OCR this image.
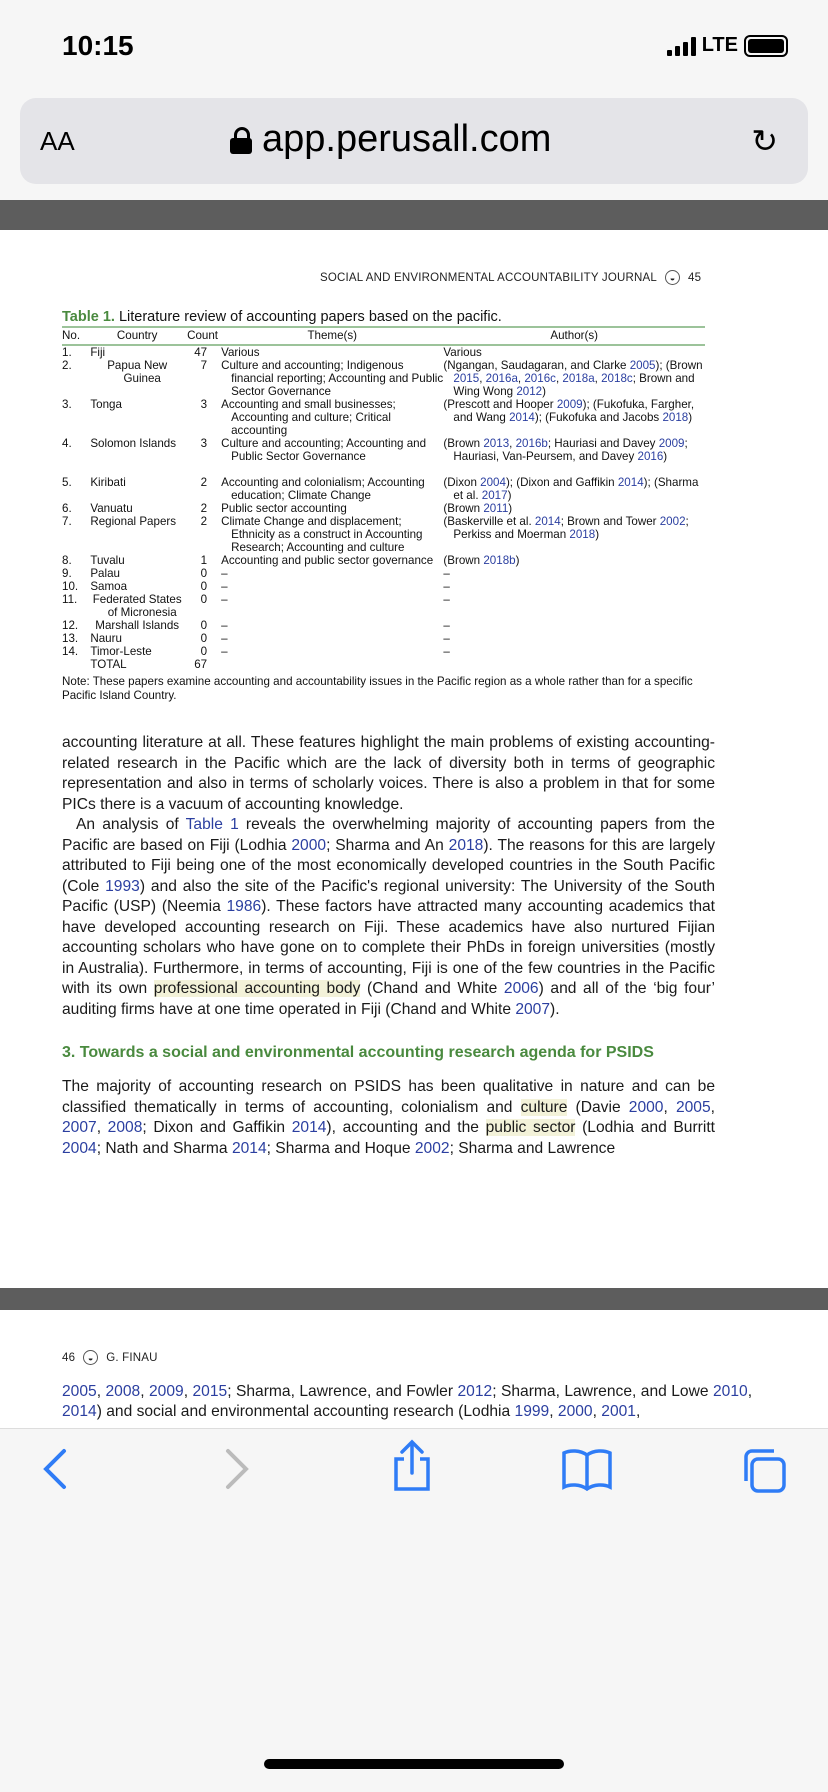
10:15	LTE
AA	app.perusall.com	↻
SOCIAL AND ENVIRONMENTAL ACCOUNTABILITY JOURNAL	◒	45
Table 1. Literature review of accounting papers based on the pacific.
No.	Country	Count	Theme(s)	Author(s)
1.	Fiji	47	Various	Various
2.	Papua New Guinea	7	Culture and accounting; Indigenous financial reporting; Accounting and Public Sector Governance	(Ngangan, Saudagaran, and Clarke 2005); (Brown 2015, 2016a, 2016c, 2018a, 2018c; Brown and Wing Wong 2012)
3.	Tonga	3	Accounting and small businesses; Accounting and culture; Critical accounting	(Prescott and Hooper 2009); (Fukofuka, Fargher, and Wang 2014); (Fukofuka and Jacobs 2018)
4.	Solomon Islands	3	Culture and accounting; Accounting and Public Sector Governance	(Brown 2013, 2016b; Hauriasi and Davey 2009; Hauriasi, Van-Peursem, and Davey 2016)
5.	Kiribati	2	Accounting and colonialism; Accounting education; Climate Change	(Dixon 2004); (Dixon and Gaffikin 2014); (Sharma et al. 2017)
6.	Vanuatu	2	Public sector accounting	(Brown 2011)
7.	Regional Papers	2	Climate Change and displacement; Ethnicity as a construct in Accounting Research; Accounting and culture	(Baskerville et al. 2014; Brown and Tower 2002; Perkiss and Moerman 2018)
8.	Tuvalu	1	Accounting and public sector governance	(Brown 2018b)
9.	Palau	0	–	–
10.	Samoa	0	–	–
11.	Federated States of Micronesia	0	–	–
12.	Marshall Islands	0	–	–
13.	Nauru	0	–	–
14.	Timor-Leste	0	–	–
	TOTAL	67		
Note: These papers examine accounting and accountability issues in the Pacific region as a whole rather than for a specific Pacific Island Country.
accounting literature at all. These features highlight the main problems of existing accounting-related research in the Pacific which are the lack of diversity both in terms of geographic representation and also in terms of scholarly voices. There is also a problem in that for some PICs there is a vacuum of accounting knowledge.
An analysis of Table 1 reveals the overwhelming majority of accounting papers from the Pacific are based on Fiji (Lodhia 2000; Sharma and An 2018). The reasons for this are largely attributed to Fiji being one of the most economically developed countries in the South Pacific (Cole 1993) and also the site of the Pacific's regional university: The University of the South Pacific (USP) (Neemia 1986). These factors have attracted many accounting academics that have developed accounting research on Fiji. These academics have also nurtured Fijian accounting scholars who have gone on to complete their PhDs in foreign universities (mostly in Australia). Furthermore, in terms of accounting, Fiji is one of the few countries in the Pacific with its own professional accounting body (Chand and White 2006) and all of the ‘big four’ auditing firms have at one time operated in Fiji (Chand and White 2007).
3. Towards a social and environmental accounting research agenda for PSIDS
The majority of accounting research on PSIDS has been qualitative in nature and can be classified thematically in terms of accounting, colonialism and culture (Davie 2000, 2005, 2007, 2008; Dixon and Gaffikin 2014), accounting and the public sector (Lodhia and Burritt 2004; Nath and Sharma 2014; Sharma and Hoque 2002; Sharma and Lawrence
46	◒	G. FINAU
2005, 2008, 2009, 2015; Sharma, Lawrence, and Fowler 2012; Sharma, Lawrence, and Lowe 2010, 2014) and social and environmental accounting research (Lodhia 1999, 2000, 2001,
